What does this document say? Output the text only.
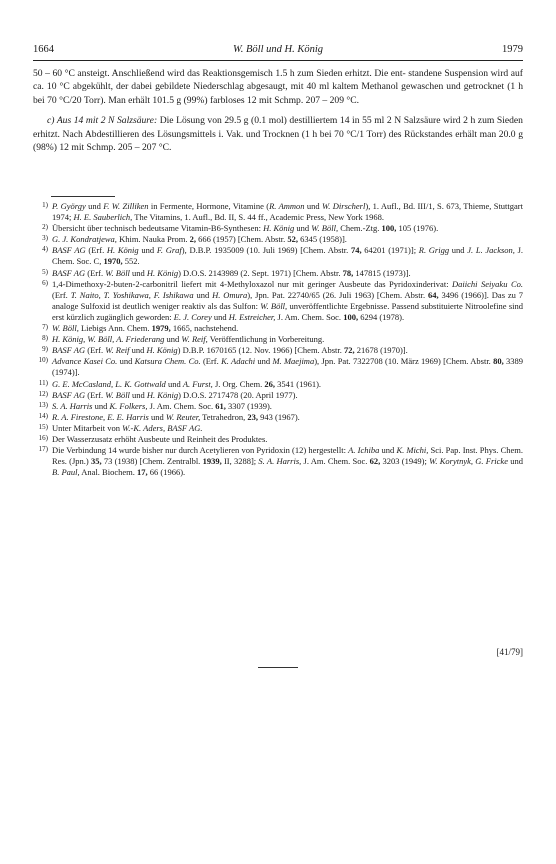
1664	W. Böll und H. König	1979

50 – 60 °C ansteigt. Anschließend wird das Reaktionsgemisch 1.5 h zum Sieden erhitzt. Die ent- standene Suspension wird auf ca. 10 °C abgekühlt, der dabei gebildete Niederschlag abgesaugt, mit 40 ml kaltem Methanol gewaschen und getrocknet (1 h bei 70 °C/20 Torr). Man erhält 101.5 g (99%) farbloses 12 mit Schmp. 207 – 209 °C.

c) Aus 14 mit 2 N Salzsäure: Die Lösung von 29.5 g (0.1 mol) destilliertem 14 in 55 ml 2 N Salzsäure wird 2 h zum Sieden erhitzt. Nach Abdestillieren des Lösungsmittels i. Vak. und Trocknen (1 h bei 70 °C/1 Torr) des Rückstandes erhält man 20.0 g (98%) 12 mit Schmp. 205 – 207 °C.

1) P. György und F. W. Zilliken in Fermente, Hormone, Vitamine (R. Ammon und W. Dirscherl), 1. Aufl., Bd. III/1, S. 673, Thieme, Stuttgart 1974; H. E. Sauberlich, The Vitamins, 1. Aufl., Bd. II, S. 44 ff., Academic Press, New York 1968.
2) Übersicht über technisch bedeutsame Vitamin-B6-Synthesen: H. König und W. Böll, Chem.-Ztg. 100, 105 (1976).
3) G. J. Kondratjewa, Khim. Nauka Prom. 2, 666 (1957) [Chem. Abstr. 52, 6345 (1958)].
4) BASF AG (Erf. H. König und F. Graf), D.B.P. 1935009 (10. Juli 1969) [Chem. Abstr. 74, 64201 (1971)]; R. Grigg und J. L. Jackson, J. Chem. Soc. C, 1970, 552.
5) BASF AG (Erf. W. Böll und H. König) D.O.S. 2143989 (2. Sept. 1971) [Chem. Abstr. 78, 147815 (1973)].
6) 1,4-Dimethoxy-2-buten-2-carbonitril liefert mit 4-Methyloxazol nur mit geringer Ausbeute das Pyridoxinderivat: Daiichi Seiyaku Co. (Erf. T. Naito, T. Yoshikawa, F. Ishikawa und H. Omura), Jpn. Pat. 22740/65 (26. Juli 1963) [Chem. Abstr. 64, 3496 (1966)]. Das zu 7 analoge Sulfoxid ist deutlich weniger reaktiv als das Sulfon: W. Böll, unveröffentlichte Ergebnisse. Passend substituierte Nitroolefine sind erst kürzlich zugänglich geworden: E. J. Corey und H. Estreicher, J. Am. Chem. Soc. 100, 6294 (1978).
7) W. Böll, Liebigs Ann. Chem. 1979, 1665, nachstehend.
8) H. König, W. Böll, A. Friederang und W. Reif, Veröffentlichung in Vorbereitung.
9) BASF AG (Erf. W. Reif und H. König) D.B.P. 1670165 (12. Nov. 1966) [Chem. Abstr. 72, 21678 (1970)].
10) Advance Kasei Co. und Katsura Chem. Co. (Erf. K. Adachi und M. Maejima), Jpn. Pat. 7322708 (10. März 1969) [Chem. Abstr. 80, 3389 (1974)].
11) G. E. McCasland, L. K. Gottwald und A. Furst, J. Org. Chem. 26, 3541 (1961).
12) BASF AG (Erf. W. Böll und H. König) D.O.S. 2717478 (20. April 1977).
13) S. A. Harris und K. Folkers, J. Am. Chem. Soc. 61, 3307 (1939).
14) R. A. Firestone, E. E. Harris und W. Reuter, Tetrahedron, 23, 943 (1967).
15) Unter Mitarbeit von W.-K. Aders, BASF AG.
16) Der Wasserzusatz erhöht Ausbeute und Reinheit des Produktes.
17) Die Verbindung 14 wurde bisher nur durch Acetylieren von Pyridoxin (12) hergestellt: A. Ichiba und K. Michi, Sci. Pap. Inst. Phys. Chem. Res. (Jpn.) 35, 73 (1938) [Chem. Zentralbl. 1939, II, 3288]; S. A. Harris, J. Am. Chem. Soc. 62, 3203 (1949); W. Korytnyk, G. Fricke und B. Paul, Anal. Biochem. 17, 66 (1966).
[41/79]
